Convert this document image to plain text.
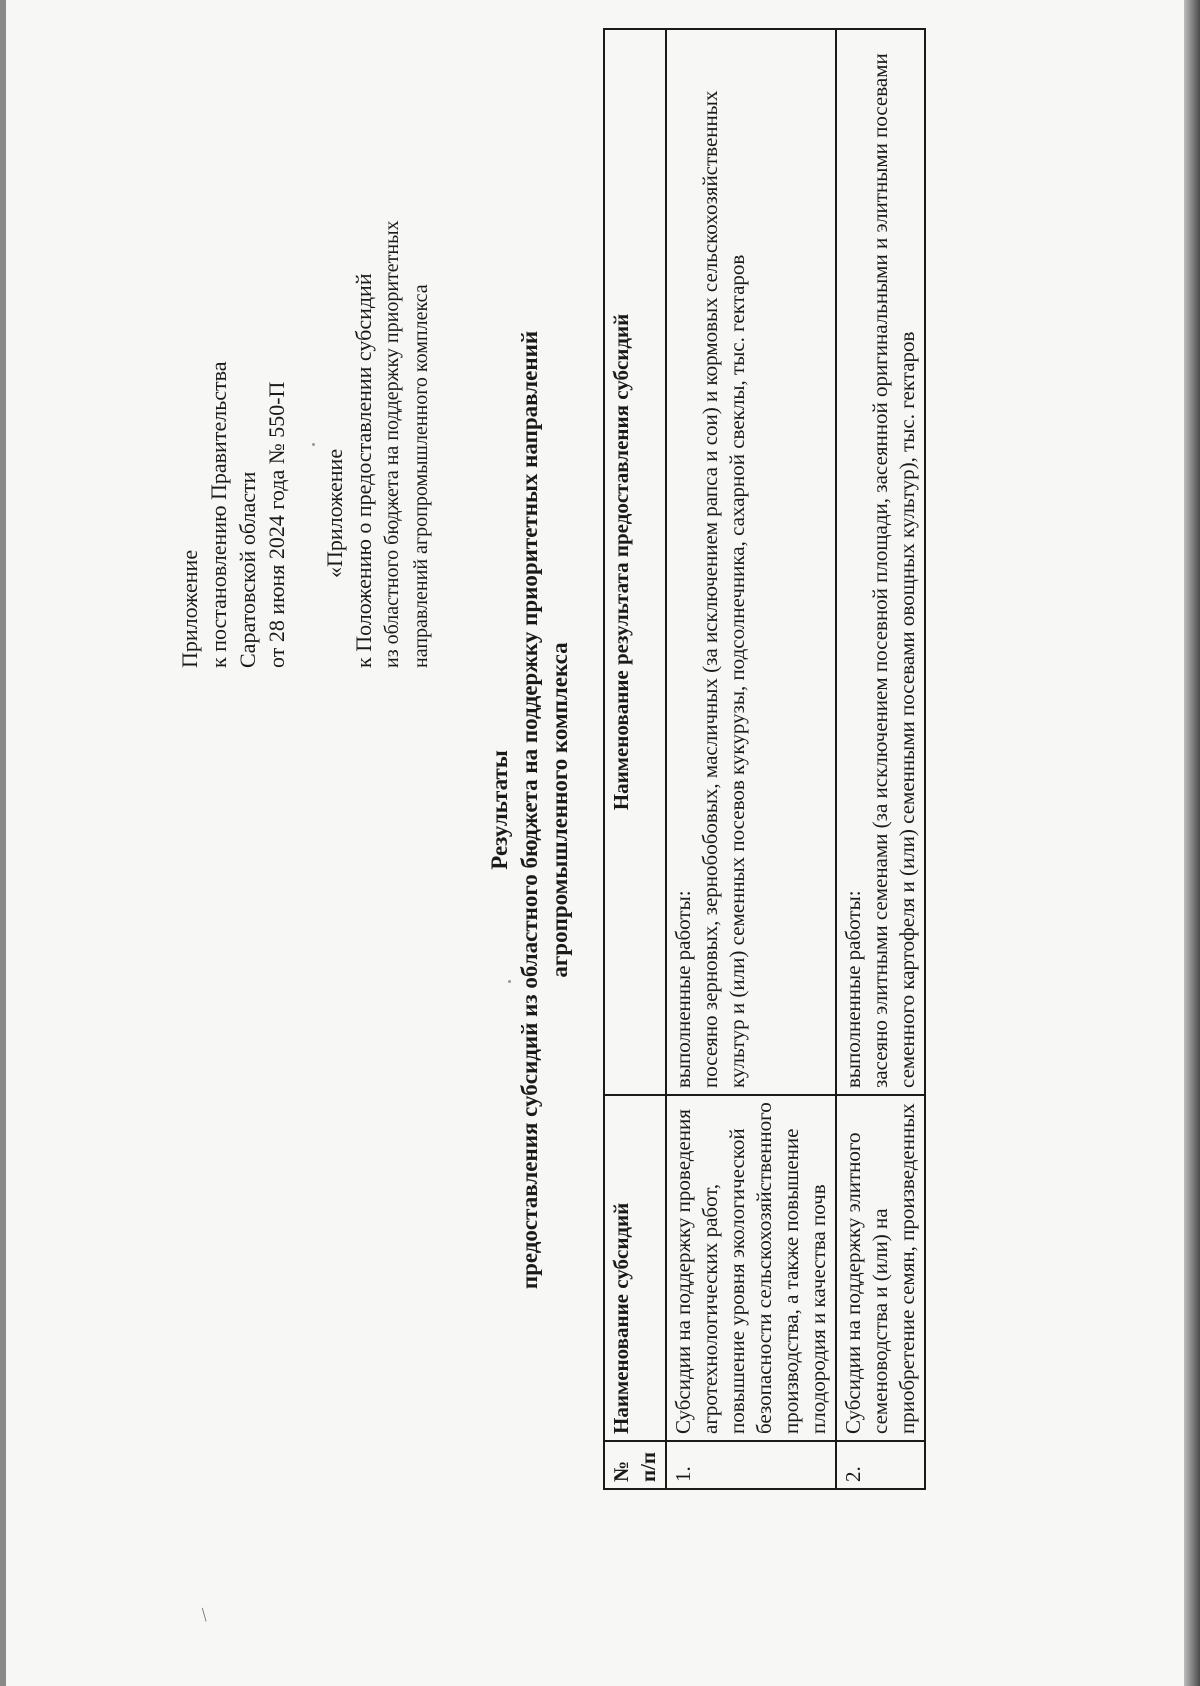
/
Приложение к постановлению Правительства Саратовской области от 28 июня 2024 года № 550-П «Приложение к Положению о предоставлении субсидий из областного бюджета на поддержку приоритетных направлений агропромышленного комплекса
Результаты предоставления субсидий из областного бюджета на поддержку приоритетных направлений агропромышленного комплекса
№ п/п	Наименование субсидий	Наименование результата предоставления субсидий
1.	Субсидии на поддержку проведения агротехнологических работ, повышение уровня экологической безопасности сельскохозяйственного производства, а также повышение плодородия и качества почв	выполненные работы: посеяно зерновых, зернобобовых, масличных (за исключением рапса и сои) и кормовых сельскохозяйственных культур и (или) семенных посевов кукурузы, подсолнечника, сахарной свеклы, тыс. гектаров

2.	Субсидии на поддержку элитного семеноводства и (или) на приобретение семян, произведенных	выполненные работы: засеяно элитными семенами (за исключением посевной площади, засеянной оригинальными и элитными посевами семенного картофеля и (или) семенными посевами овощных культур), тыс. гектаров
